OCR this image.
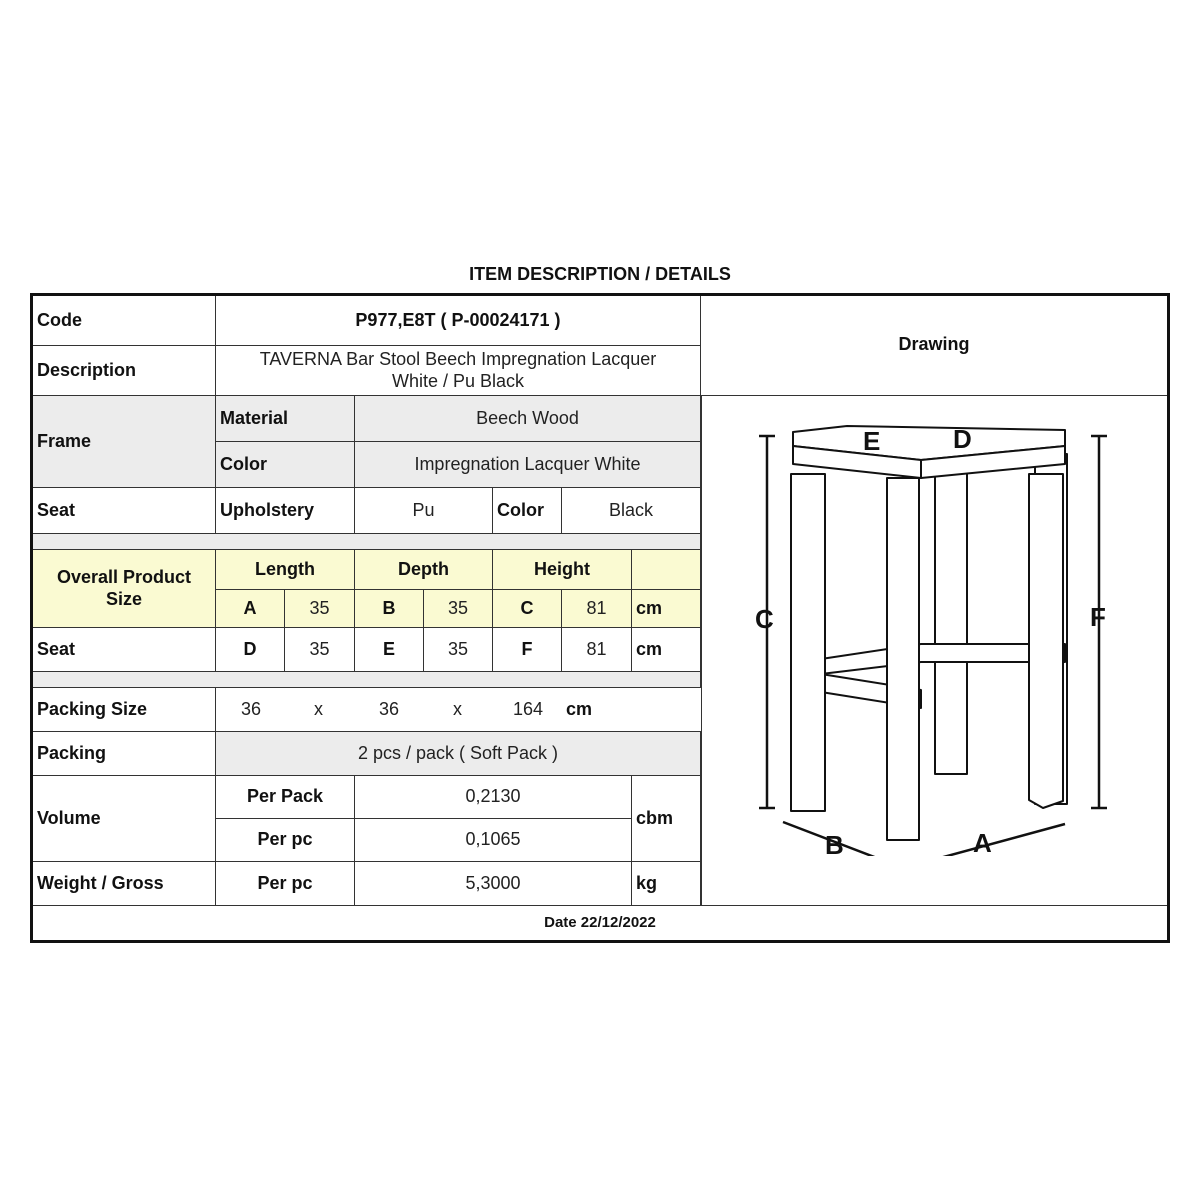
ITEM DESCRIPTION / DETAILS
Code	P977,E8T ( P-00024171 )
Description
TAVERNA Bar Stool Beech Impregnation Lacquer White / Pu Black
Drawing
Frame
Material	Beech Wood
Color	Impregnation Lacquer White
Seat	Upholstery	Pu	Color	Black
Overall Product Size
Length	Depth	Height
A	35	B	35	C	81	cm
Seat	D	35	E	35	F	81	cm
Packing Size	36	x	36	x	164 cm
Packing	2 pcs / pack ( Soft Pack )
Volume
Per Pack	0,2130
Per pc	0,1065
cbm
Weight / Gross	Per pc	5,3000	kg
Date 22/12/2022
E	D
C	F
B	A
